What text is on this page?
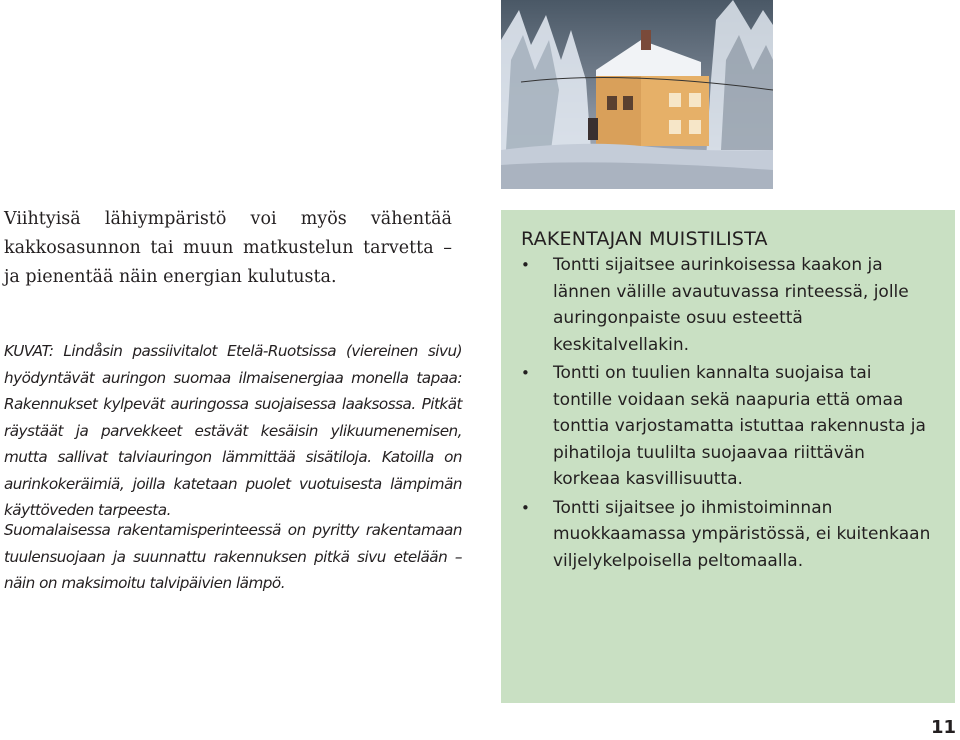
Viihtyisä lähiympäristö voi myös vähentää kakkosasunnon tai muun matkustelun tarvetta – ja pienentää näin energian kulutusta.

KUVAT: Lindåsin passiivitalot Etelä-Ruotsissa (viereinen sivu) hyödyntävät auringon suomaa ilmaisenergiaa monella tapaa: Rakennukset kylpevät auringossa suojaisessa laaksossa. Pitkät räystäät ja parvekkeet estävät kesäisin ylikuumenemisen, mutta sallivat talviauringon lämmittää sisätiloja. Katoilla on aurinkokeräimiä, joilla katetaan puolet vuotuisesta lämpimän käyttöveden tarpeesta.

Suomalaisessa rakentamisperinteessä on pyritty rakentamaan tuulensuojaan ja suunnattu rakennuksen pitkä sivu etelään – näin on maksimoitu talvipäivien lämpö.

RAKENTAJAN MUISTILISTA
• Tontti sijaitsee aurinkoisessa kaakon ja lännen välille avautuvassa rinteessä, jolle auringonpaiste osuu esteettä keskitalvellakin.
• Tontti on tuulien kannalta suojaisa tai tontille voidaan sekä naapuria että omaa tonttia varjostamatta istuttaa rakennusta ja pihatiloja tuulilta suojaavaa riittävän korkeaa kasvillisuutta.
• Tontti sijaitsee jo ihmistoiminnan muokkaamassa ympäristössä, ei kuitenkaan viljelykelpoisella peltomaalla.
11
